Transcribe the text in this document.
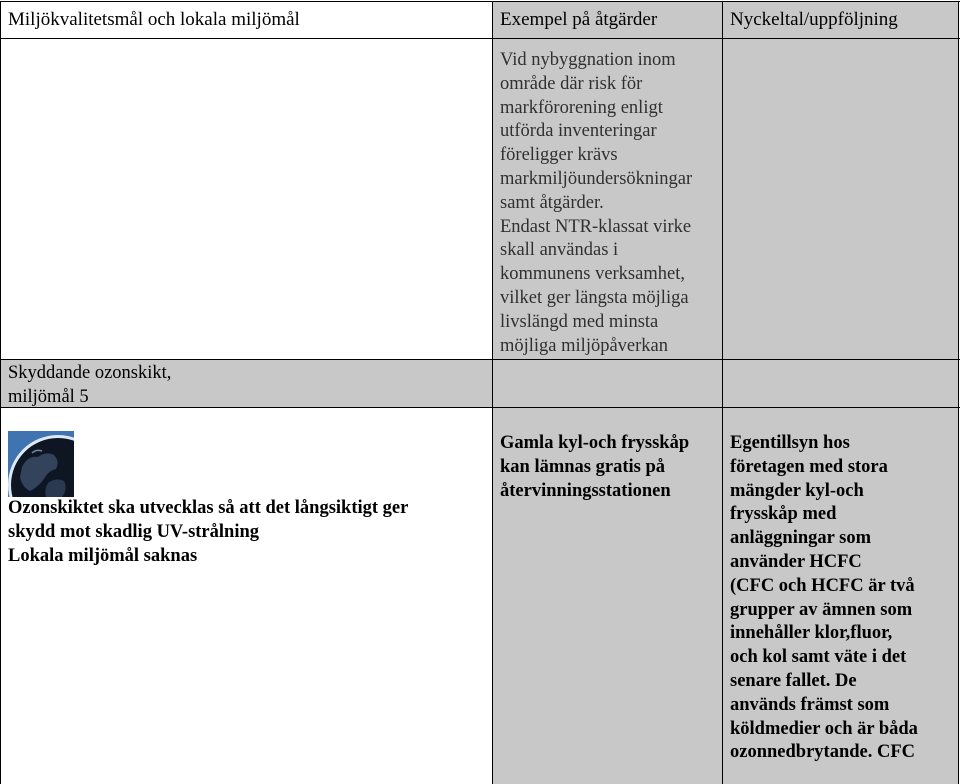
Miljökvalitetsmål och lokala miljömål	Exempel på åtgärder	Nyckeltal/uppföljning
Vid nybyggnation inom
område där risk för
markförorening enligt
utförda inventeringar
föreligger krävs
markmiljöundersökningar
samt åtgärder.
Endast NTR-klassat virke
skall användas i
kommunens verksamhet,
vilket ger längsta möjliga
livslängd med minsta
möjliga miljöpåverkan
Skyddande ozonskikt,
miljömål 5
Ozonskiktet ska utvecklas så att det långsiktigt ger
skydd mot skadlig UV-strålning
Lokala miljömål saknas
Gamla kyl-och frysskåp
kan lämnas gratis på
återvinningsstationen
Egentillsyn hos
företagen med stora
mängder kyl-och
frysskåp med
anläggningar som
använder HCFC
(CFC och HCFC är två
grupper av ämnen som
innehåller klor,fluor,
och kol samt väte i det
senare fallet. De
används främst som
köldmedier och är båda
ozonnedbrytande. CFC
